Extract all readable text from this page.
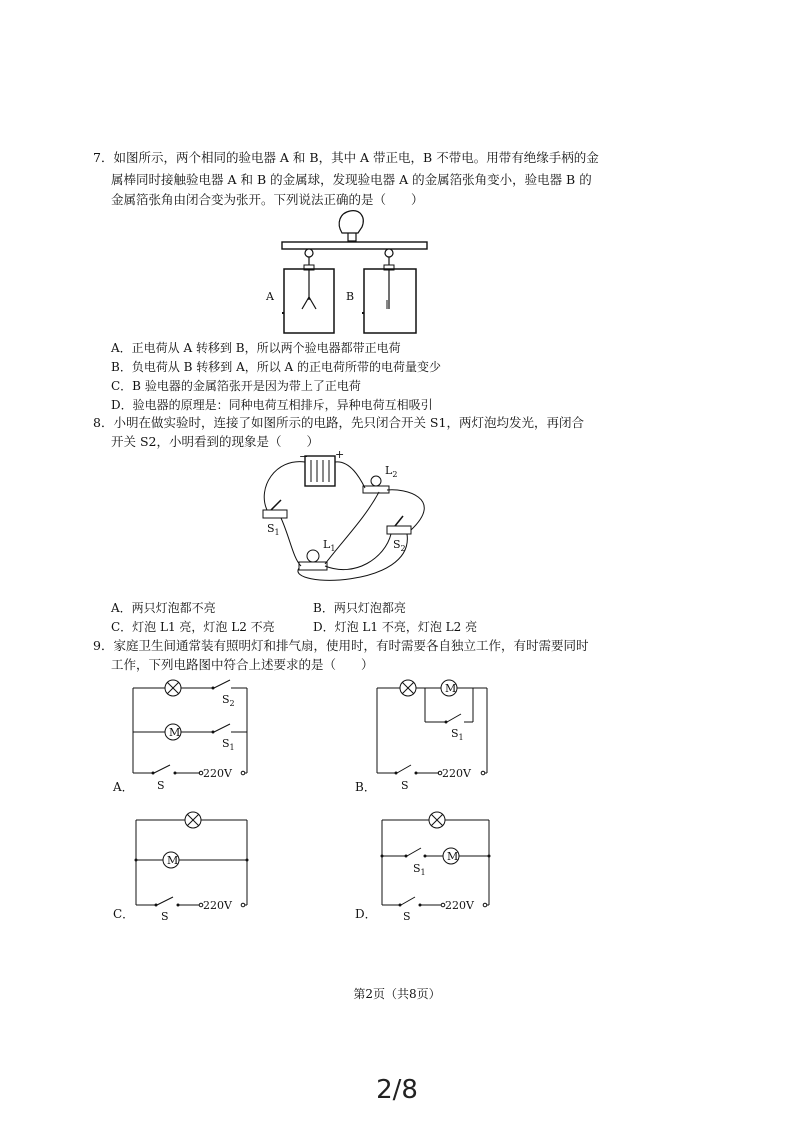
7．如图所示，两个相同的验电器 A 和 B，其中 A 带正电，B 不带电。用带有绝缘手柄的金
属棒同时接触验电器 A 和 B 的金属球，发现验电器 A 的金属箔张角变小，验电器 B 的
金属箔张角由闭合变为张开。下列说法正确的是（　　）
A	B
A．正电荷从 A 转移到 B，所以两个验电器都带正电荷
B．负电荷从 B 转移到 A，所以 A 的正电荷所带的电荷量变少
C．B 验电器的金属箔张开是因为带上了正电荷
D．验电器的原理是：同种电荷互相排斥，异种电荷互相吸引
8．小明在做实验时，连接了如图所示的电路，先只闭合开关 S1，两灯泡均发光，再闭合
开关 S2，小明看到的现象是（　　）
− +
$L_2$
$S_1$
$S_2$
$L_1$
A．两只灯泡都不亮	B．两只灯泡都亮
C．灯泡 L1 亮，灯泡 L2 不亮	D．灯泡 L1 不亮，灯泡 L2 亮
9．家庭卫生间通常装有照明灯和排气扇，使用时，有时需要各自独立工作，有时需要同时
工作，下列电路图中符合上述要求的是（　　）
$S_2$
M
$S_1$
220V
S
A．
M
$S_1$
220V
S
B．
M
220V
S
C．
M
$S_1$
220V
S
D．
第2页（共8页）
2/8
